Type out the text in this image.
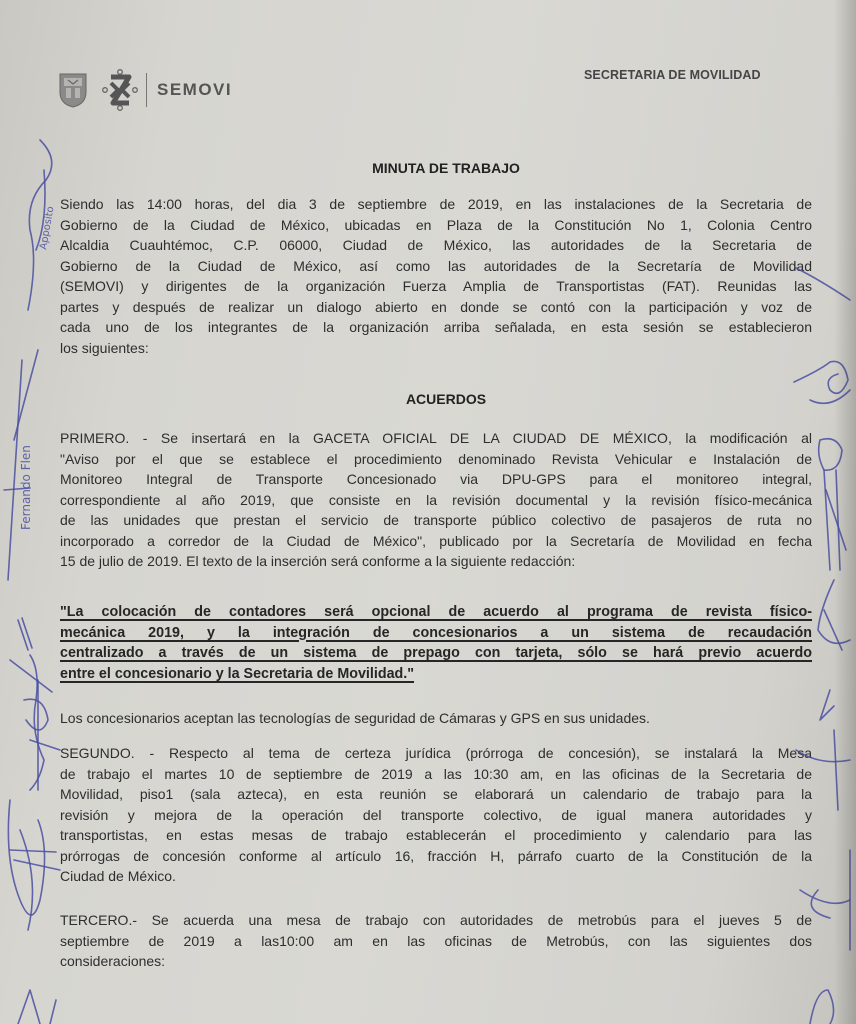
SEMOVI
SECRETARIA DE MOVILIDAD
MINUTA DE TRABAJO
Siendo las 14:00 horas, del dia 3 de septiembre de 2019, en las instalaciones de la Secretaria de
Gobierno de la Ciudad de México, ubicadas en Plaza de la Constitución No 1, Colonia Centro
Alcaldia Cuauhtémoc, C.P. 06000, Ciudad de México, las autoridades de la Secretaria de
Gobierno de la Ciudad de México, así como las autoridades de la Secretaría de Movilidad
(SEMOVI) y dirigentes de la organización Fuerza Amplia de Transportistas (FAT). Reunidas las
partes y después de realizar un dialogo abierto en donde se contó con la participación y voz de
cada uno de los integrantes de la organización arriba señalada, en esta sesión se establecieron
los siguientes:
ACUERDOS
PRIMERO. - Se insertará en la GACETA OFICIAL DE LA CIUDAD DE MÉXICO, la modificación al
"Aviso por el que se establece el procedimiento denominado Revista Vehicular e Instalación de
Monitoreo Integral de Transporte Concesionado via DPU-GPS para el monitoreo integral,
correspondiente al año 2019, que consiste en la revisión documental y la revisión físico-mecánica
de las unidades que prestan el servicio de transporte público colectivo de pasajeros de ruta no
incorporado a corredor de la Ciudad de México", publicado por la Secretaría de Movilidad en fecha
15 de julio de 2019. El texto de la inserción será conforme a la siguiente redacción:
"La colocación de contadores será opcional de acuerdo al programa de revista físico-
mecánica 2019, y la integración de concesionarios a un sistema de recaudación
centralizado a través de un sistema de prepago con tarjeta, sólo se hará previo acuerdo
entre el concesionario y la Secretaria de Movilidad."
Los concesionarios aceptan las tecnologías de seguridad de Cámaras y GPS en sus unidades.
SEGUNDO. - Respecto al tema de certeza jurídica (prórroga de concesión), se instalará la Mesa
de trabajo el martes 10 de septiembre de 2019 a las 10:30 am, en las oficinas de la Secretaria de
Movilidad, piso1 (sala azteca), en esta reunión se elaborará un calendario de trabajo para la
revisión y mejora de la operación del transporte colectivo, de igual manera autoridades y
transportistas, en estas mesas de trabajo establecerán el procedimiento y calendario para las
prórrogas de concesión conforme al artículo 16, fracción H, párrafo cuarto de la Constitución de la
Ciudad de México.
TERCERO.- Se acuerda una mesa de trabajo con autoridades de metrobús para el jueves 5 de
septiembre de 2019 a las10:00 am en las oficinas de Metrobús, con las siguientes dos
consideraciones:
Fernando Flen
Apposito
